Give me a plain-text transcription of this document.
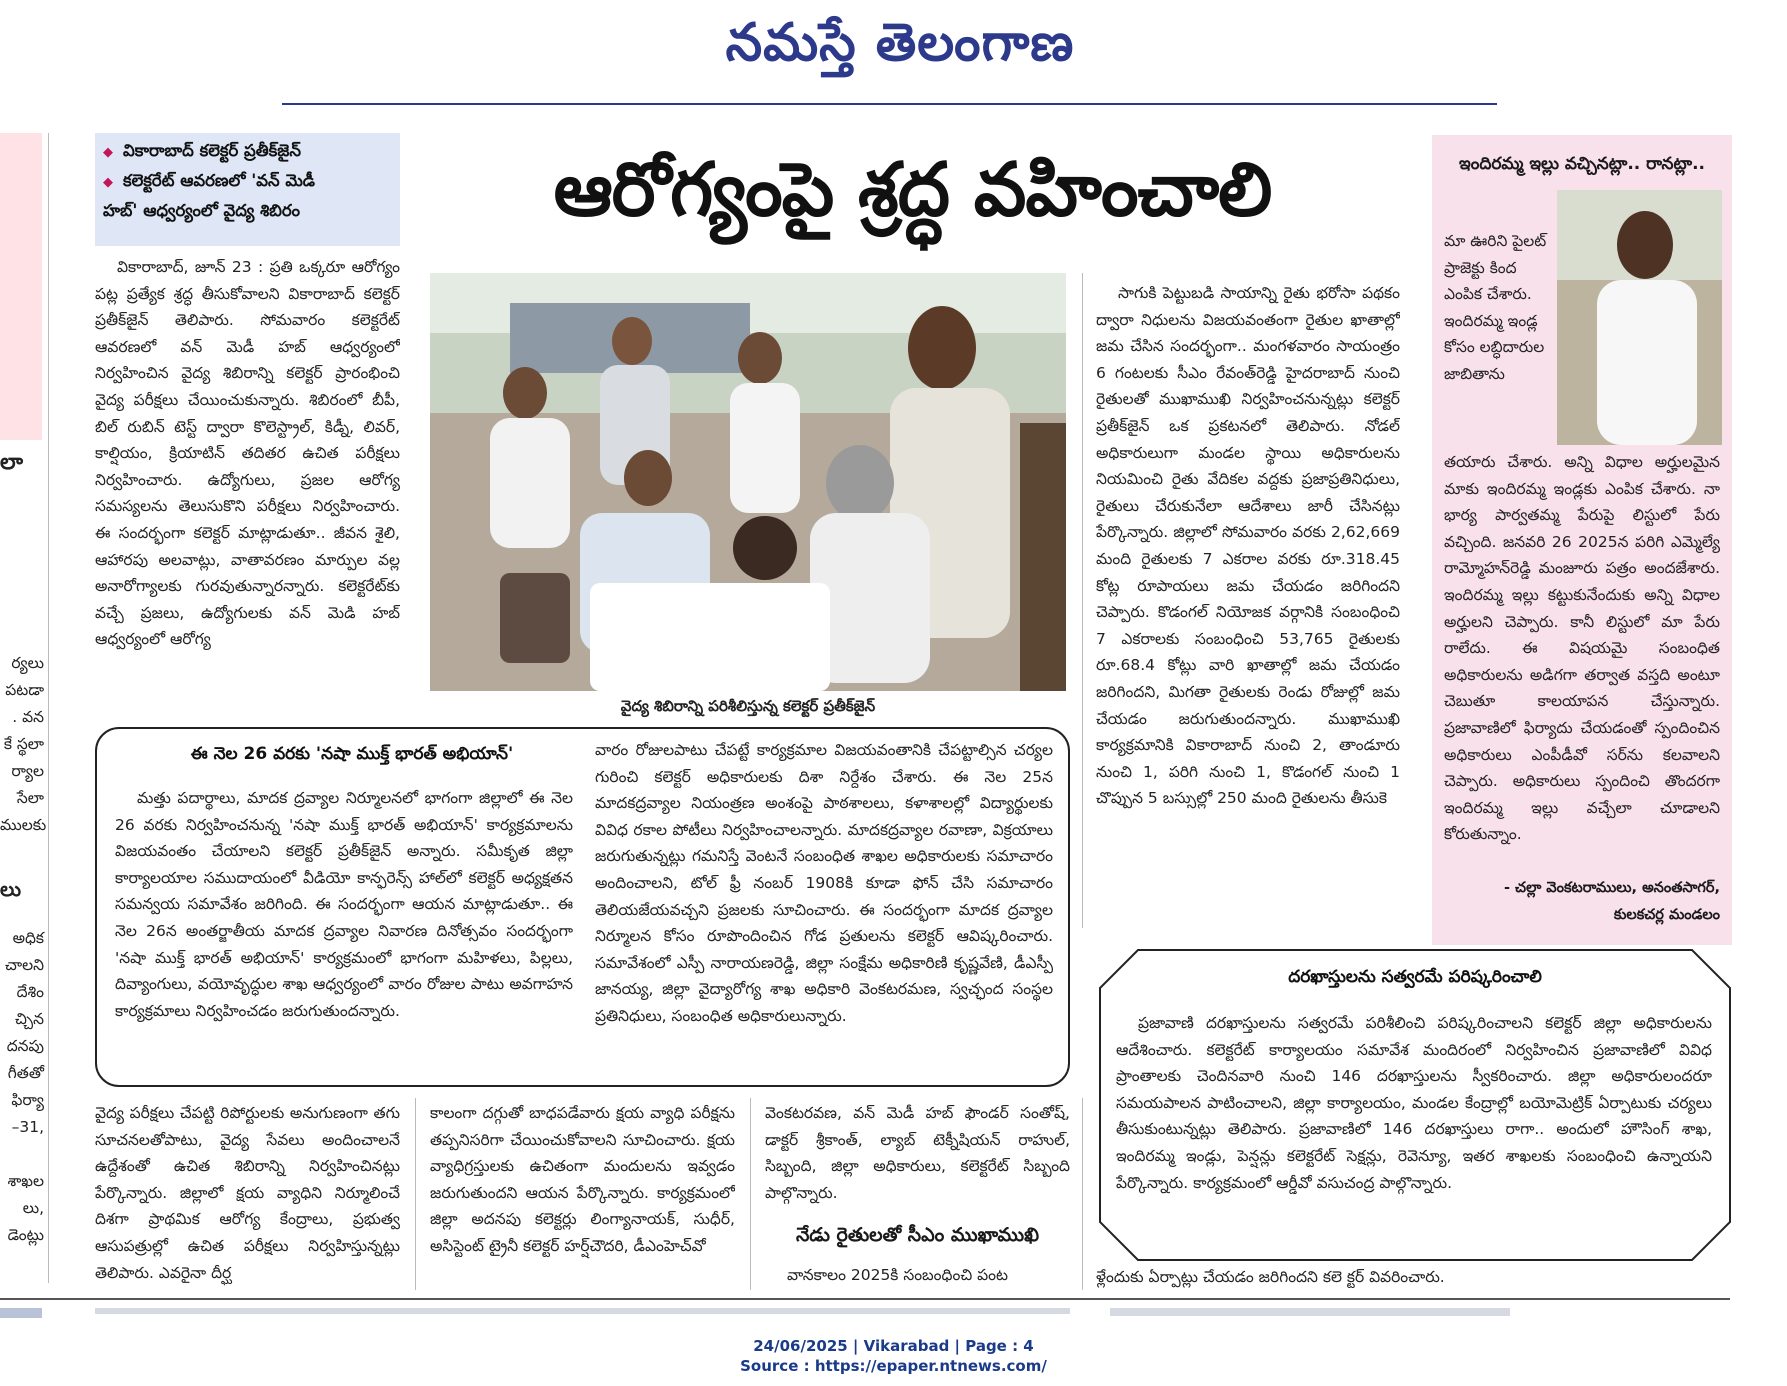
నమస్తే తెలంగాణ
లా
ర్యలు
పటడా
. వన
కే స్థలా
ర్యాల
సేలా
ములకు
లు
అధిక
చాలని
దేశిం
చ్చిన
దనపు
గీతతో
ఫిర్యా
–31,
శాఖల
లు,
డెంట్లు
◆ వికారాబాద్ కలెక్టర్ ప్రతీక్‌జైన్
◆ కలెక్టరేట్ ఆవరణలో 'వన్ మెడీ
హబ్' ఆధ్వర్యంలో వైద్య శిబిరం	ఆరోగ్యంపై శ్రద్ధ వహించాలి

వికారాబాద్, జూన్ 23 : ప్రతి ఒక్కరూ ఆరోగ్యం పట్ల ప్రత్యేక శ్రద్ధ తీసుకోవాలని వికారాబాద్ కలెక్టర్ ప్రతీక్‌జైన్ తెలిపారు. సోమవారం కలెక్టరేట్ ఆవరణలో వన్ మెడీ హబ్ ఆధ్వర్యంలో నిర్వహించిన వైద్య శిబిరాన్ని కలెక్టర్ ప్రారంభించి వైద్య పరీక్షలు చేయించుకున్నారు. శిబిరంలో బీపీ, బిల్ రుబిన్ టెస్ట్ ద్వారా కొలెస్ట్రాల్, కిడ్నీ, లివర్, కాల్షియం, క్రియాటిన్ తదితర ఉచిత పరీక్షలు నిర్వహించారు. ఉద్యోగులు, ప్రజల ఆరోగ్య సమస్యలను తెలుసుకొని పరీక్షలు నిర్వహించారు. ఈ సందర్భంగా కలెక్టర్ మాట్లాడుతూ.. జీవన శైలి, ఆహారపు అలవాట్లు, వాతావరణం మార్పుల వల్ల అనారోగ్యాలకు గురవుతున్నారన్నారు. కలెక్టరేట్‌కు వచ్చే ప్రజలు, ఉద్యోగులకు వన్ మెడి హబ్ ఆధ్వర్యంలో ఆరోగ్య

వైద్య శిబిరాన్ని పరిశీలిస్తున్న కలెక్టర్ ప్రతీక్‌జైన్

సాగుకి పెట్టుబడి సాయాన్ని రైతు భరోసా పథకం ద్వారా నిధులను విజయవంతంగా రైతుల ఖాతాల్లో జమ చేసిన సందర్భంగా.. మంగళవారం సాయంత్రం 6 గంటలకు సీఎం రేవంత్‌రెడ్డి హైదరాబాద్ నుంచి రైతులతో ముఖాముఖి నిర్వహించనున్నట్లు కలెక్టర్ ప్రతీక్‌జైన్ ఒక ప్రకటనలో తెలిపారు. నోడల్ అధికారులుగా మండల స్థాయి అధికారులను నియమించి రైతు వేదికల వద్దకు ప్రజాప్రతినిధులు, రైతులు చేరుకునేలా ఆదేశాలు జారీ చేసినట్లు పేర్కొన్నారు. జిల్లాలో సోమవారం వరకు 2,62,669 మంది రైతులకు 7 ఎకరాల వరకు రూ.318.45 కోట్ల రూపాయలు జమ చేయడం జరిగిందని చెప్పారు. కొడంగల్ నియోజక వర్గానికి సంబంధించి 7 ఎకరాలకు సంబంధించి 53,765 రైతులకు రూ.68.4 కోట్లు వారి ఖాతాల్లో జమ చేయడం జరిగిందని, మిగతా రైతులకు రెండు రోజుల్లో జమ చేయడం జరుగుతుందన్నారు. ముఖాముఖి కార్యక్రమానికి వికారాబాద్ నుంచి 2, తాండూరు నుంచి 1, పరిగి నుంచి 1, కొడంగల్ నుంచి 1 చొప్పున 5 బస్సుల్లో 250 మంది రైతులను తీసుకె

ఇందిరమ్మ ఇల్లు వచ్చినట్లా.. రానట్లా..
మా ఊరిని పైలట్ ప్రాజెక్టు కింద ఎంపిక చేశారు. ఇందిరమ్మ ఇండ్ల కోసం లబ్ధిదారుల జాబితాను
తయారు చేశారు. అన్ని విధాల అర్హులమైన మాకు ఇందిరమ్మ ఇండ్లకు ఎంపిక చేశారు. నా భార్య పార్వతమ్మ పేరుపై లిస్టులో పేరు వచ్చింది. జనవరి 26 2025న పరిగి ఎమ్మెల్యే రామ్మోహన్‌రెడ్డి మంజూరు పత్రం అందజేశారు. ఇందిరమ్మ ఇల్లు కట్టుకునేందుకు అన్ని విధాల అర్హులని చెప్పారు. కానీ లిస్టులో మా పేరు రాలేదు. ఈ విషయమై సంబంధిత అధికారులను అడిగగా తర్వాత వస్తది అంటూ చెబుతూ కాలయాపన చేస్తున్నారు. ప్రజావాణిలో ఫిర్యాదు చేయడంతో స్పందించిన అధికారులు ఎంపీడీవో సర్‌ను కలవాలని చెప్పారు. అధికారులు స్పందించి తొందరగా ఇందిరమ్మ ఇల్లు వచ్చేలా చూడాలని కోరుతున్నాం.
- చల్లా వెంకటరాములు, అనంతసాగర్,
కులకచర్ల మండలం
ఈ నెల 26 వరకు 'నషా ముక్త్ భారత్ అభియాన్'

మత్తు పదార్థాలు, మాదక ద్రవ్యాల నిర్మూలనలో భాగంగా జిల్లాలో ఈ నెల 26 వరకు నిర్వహించనున్న 'నషా ముక్త్ భారత్ అభియాన్' కార్యక్రమాలను విజయవంతం చేయాలని కలెక్టర్ ప్రతీక్‌జైన్ అన్నారు. సమీకృత జిల్లా కార్యాలయాల సముదాయంలో వీడియో కాన్ఫరెన్స్ హాల్‌లో కలెక్టర్ అధ్యక్షతన సమన్వయ సమావేశం జరిగింది. ఈ సందర్భంగా ఆయన మాట్లాడుతూ.. ఈ నెల 26న అంతర్జాతీయ మాదక ద్రవ్యాల నివారణ దినోత్సవం సందర్భంగా 'నషా ముక్త్ భారత్ అభియాన్' కార్యక్రమంలో భాగంగా మహిళలు, పిల్లలు, దివ్యాంగులు, వయోవృద్ధుల శాఖ ఆధ్వర్యంలో వారం రోజుల పాటు అవగాహన కార్యక్రమాలు నిర్వహించడం జరుగుతుందన్నారు.

వారం రోజులపాటు చేపట్టే కార్యక్రమాల విజయవంతానికి చేపట్టాల్సిన చర్యల గురించి కలెక్టర్ అధికారులకు దిశా నిర్దేశం చేశారు. ఈ నెల 25న మాదకద్రవ్యాల నియంత్రణ అంశంపై పాఠశాలలు, కళాశాలల్లో విద్యార్థులకు వివిధ రకాల పోటీలు నిర్వహించాలన్నారు. మాదకద్రవ్యాల రవాణా, విక్రయాలు జరుగుతున్నట్లు గమనిస్తే వెంటనే సంబంధిత శాఖల అధికారులకు సమాచారం అందించాలని, టోల్ ఫ్రీ నంబర్ 1908కి కూడా ఫోన్ చేసి సమాచారం తెలియజేయవచ్చని ప్రజలకు సూచించారు. ఈ సందర్భంగా మాదక ద్రవ్యాల నిర్మూలన కోసం రూపొందించిన గోడ ప్రతులను కలెక్టర్ ఆవిష్కరించారు. సమావేశంలో ఎస్పీ నారాయణరెడ్డి, జిల్లా సంక్షేమ అధికారిణి కృష్ణవేణి, డీఎస్పీ జానయ్య, జిల్లా వైద్యారోగ్య శాఖ అధికారి వెంకటరమణ, స్వచ్ఛంద సంస్థల ప్రతినిధులు, సంబంధిత అధికారులున్నారు.

వైద్య పరీక్షలు చేపట్టి రిపోర్టులకు అనుగుణంగా తగు సూచనలతోపాటు, వైద్య సేవలు అందించాలనే ఉద్దేశంతో ఉచిత శిబిరాన్ని నిర్వహించినట్లు పేర్కొన్నారు. జిల్లాలో క్షయ వ్యాధిని నిర్మూలించే దిశగా ప్రాథమిక ఆరోగ్య కేంద్రాలు, ప్రభుత్వ ఆసుపత్రుల్లో ఉచిత పరీక్షలు నిర్వహిస్తున్నట్లు తెలిపారు. ఎవరైనా దీర్ఘ

కాలంగా దగ్గుతో బాధపడేవారు క్షయ వ్యాధి పరీక్షను తప్పనిసరిగా చేయించుకోవాలని సూచించారు. క్షయ వ్యాధిగ్రస్తులకు ఉచితంగా మందులను ఇవ్వడం జరుగుతుందని ఆయన పేర్కొన్నారు. కార్యక్రమంలో జిల్లా అదనపు కలెక్టర్లు లింగ్యానాయక్, సుధీర్, అసిస్టెంట్ ట్రైనీ కలెక్టర్ హర్ష్‌చౌదరి, డీఎంహెచ్‌వో

వెంకటరవణ, వన్ మెడీ హబ్ ఫౌండర్ సంతోష్, డాక్టర్ శ్రీకాంత్, ల్యాబ్ టెక్నీషియన్ రాహుల్, సిబ్బంది, జిల్లా అధికారులు, కలెక్టరేట్ సిబ్బంది పాల్గొన్నారు.

నేడు రైతులతో సీఎం ముఖాముఖి

వానకాలం 2025కి సంబంధించి పంట

దరఖాస్తులను సత్వరమే పరిష్కరించాలి

ప్రజావాణి దరఖాస్తులను సత్వరమే పరిశీలించి పరిష్కరించాలని కలెక్టర్ జిల్లా అధికారులను ఆదేశించారు. కలెక్టరేట్ కార్యాలయం సమావేశ మందిరంలో నిర్వహించిన ప్రజావాణిలో వివిధ ప్రాంతాలకు చెందినవారి నుంచి 146 దరఖాస్తులను స్వీకరించారు. జిల్లా అధికారులందరూ సమయపాలన పాటించాలని, జిల్లా కార్యాలయం, మండల కేంద్రాల్లో బయోమెట్రిక్ ఏర్పాటుకు చర్యలు తీసుకుంటున్నట్లు తెలిపారు. ప్రజావాణిలో 146 దరఖాస్తులు రాగా.. అందులో హౌసింగ్ శాఖ, ఇందిరమ్మ ఇండ్లు, పెన్షన్లు కలెక్టరేట్ సెక్షన్లు, రెవెన్యూ, ఇతర శాఖలకు సంబంధించి ఉన్నాయని పేర్కొన్నారు. కార్యక్రమంలో ఆర్డీవో వసుచంద్ర పాల్గొన్నారు.

ళ్లేందుకు ఏర్పాట్లు చేయడం జరిగిందని కలె క్టర్ వివరించారు.

24/06/2025 | Vikarabad | Page : 4
Source : https://epaper.ntnews.com/
